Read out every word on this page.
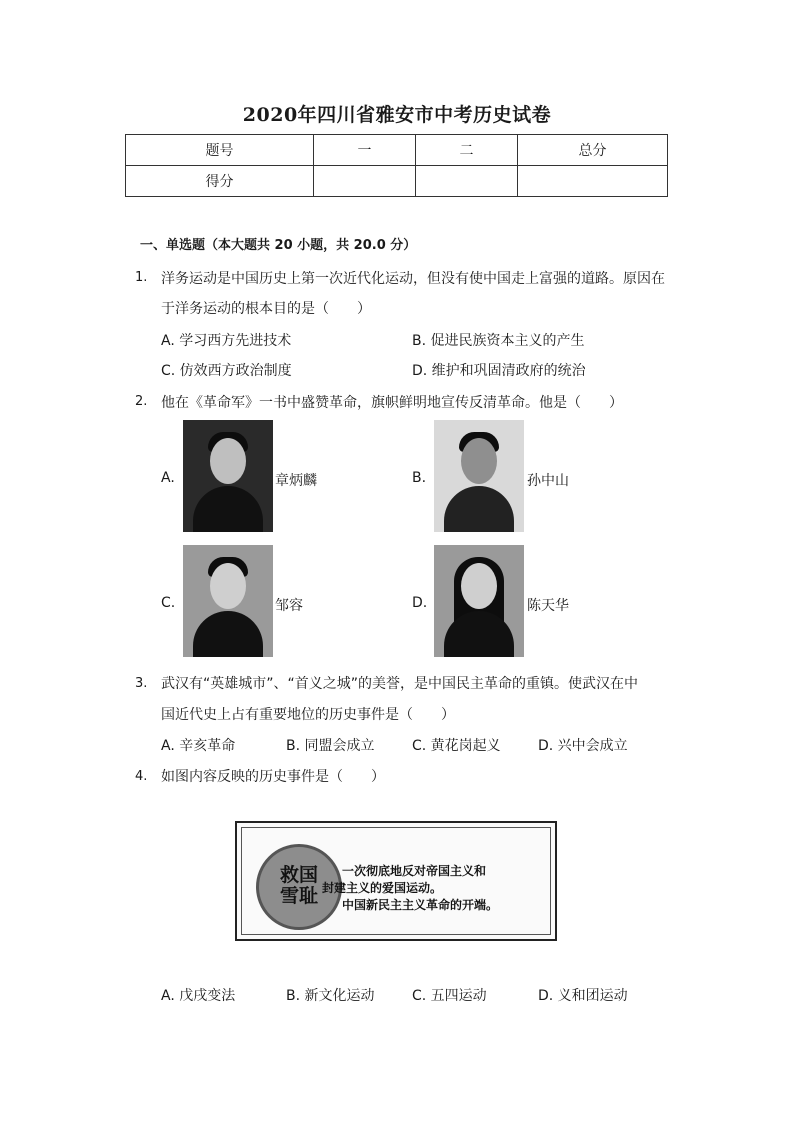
2020年四川省雅安市中考历史试卷
题号	一	二	总分
得分			
一、单选题（本大题共 20 小题，共 20.0 分）
1. 洋务运动是中国历史上第一次近代化运动，但没有使中国走上富强的道路。原因在
于洋务运动的根本目的是（　　）
A. 学习西方先进技术	B. 促进民族资本主义的产生
C. 仿效西方政治制度	D. 维护和巩固清政府的统治
2. 他在《革命军》一书中盛赞革命，旗帜鲜明地宣传反清革命。他是（　　）
A.	章炳麟	B.	孙中山
C.	邹容	D.	陈天华
3. 武汉有“英雄城市”、“首义之城”的美誉，是中国民主革命的重镇。使武汉在中
国近代史上占有重要地位的历史事件是（　　）
A. 辛亥革命	B. 同盟会成立	C. 黄花岗起义	D. 兴中会成立
4. 如图内容反映的历史事件是（　　）
救国
雪耻
一次彻底地反对帝国主义和
封建主义的爱国运动。
中国新民主主义革命的开端。
A. 戊戌变法	B. 新文化运动	C. 五四运动	D. 义和团运动
